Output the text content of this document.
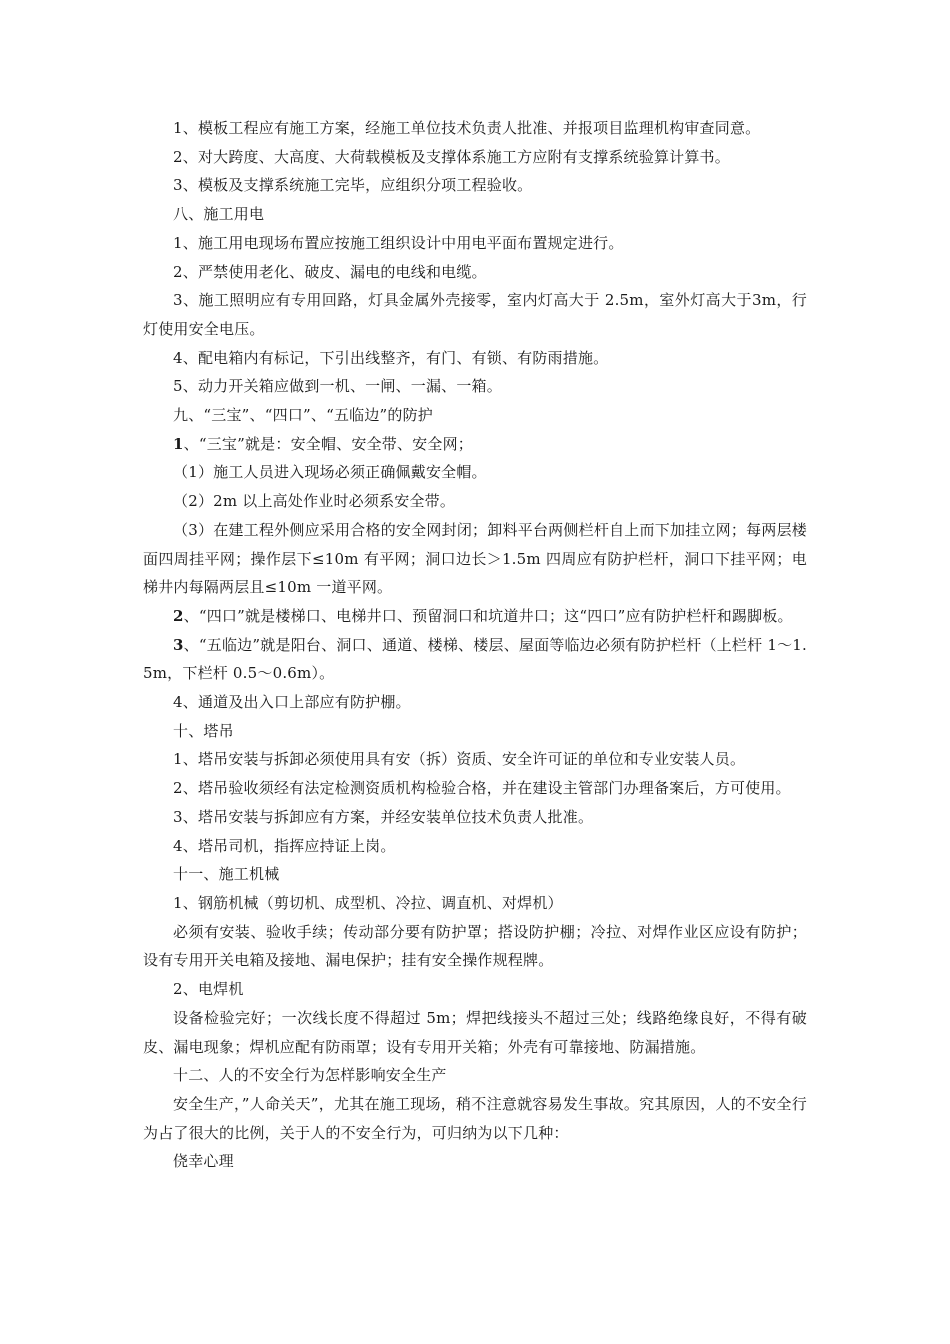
1、模板工程应有施工方案，经施工单位技术负责人批准、并报项目监理机构审查同意。

2、对大跨度、大高度、大荷载模板及支撑体系施工方应附有支撑系统验算计算书。

3、模板及支撑系统施工完毕，应组织分项工程验收。

八、施工用电

1、施工用电现场布置应按施工组织设计中用电平面布置规定进行。

2、严禁使用老化、破皮、漏电的电线和电缆。

3、施工照明应有专用回路，灯具金属外壳接零，室内灯高大于 2.5m，室外灯高大于3m，行灯使用安全电压。

4、配电箱内有标记，下引出线整齐，有门、有锁、有防雨措施。

5、动力开关箱应做到一机、一闸、一漏、一箱。

九、“三宝”、“四口”、“五临边”的防护

1、“三宝”就是：安全帽、安全带、安全网；

（1）施工人员进入现场必须正确佩戴安全帽。

（2）2m 以上高处作业时必须系安全带。

（3）在建工程外侧应采用合格的安全网封闭；卸料平台两侧栏杆自上而下加挂立网；每两层楼面四周挂平网；操作层下≤10m 有平网；洞口边长＞1.5m 四周应有防护栏杆，洞口下挂平网；电梯井内每隔两层且≤10m 一道平网。

2、“四口”就是楼梯口、电梯井口、预留洞口和坑道井口；这“四口”应有防护栏杆和踢脚板。

3、“五临边”就是阳台、洞口、通道、楼梯、楼层、屋面等临边必须有防护栏杆（上栏杆 1～1.5m，下栏杆 0.5～0.6m）。

4、通道及出入口上部应有防护棚。

十、塔吊

1、塔吊安装与拆卸必须使用具有安（拆）资质、安全许可证的单位和专业安装人员。

2、塔吊验收须经有法定检测资质机构检验合格，并在建设主管部门办理备案后，方可使用。

3、塔吊安装与拆卸应有方案，并经安装单位技术负责人批准。

4、塔吊司机，指挥应持证上岗。

十一、施工机械

1、钢筋机械（剪切机、成型机、冷拉、调直机、对焊机）

必须有安装、验收手续；传动部分要有防护罩；搭设防护棚；冷拉、对焊作业区应设有防护；设有专用开关电箱及接地、漏电保护；挂有安全操作规程牌。

2、电焊机

设备检验完好；一次线长度不得超过 5m；焊把线接头不超过三处；线路绝缘良好，不得有破皮、漏电现象；焊机应配有防雨罩；设有专用开关箱；外壳有可靠接地、防漏措施。

十二、人的不安全行为怎样影响安全生产

安全生产，”人命关天”，尤其在施工现场，稍不注意就容易发生事故。究其原因，人的不安全行为占了很大的比例，关于人的不安全行为，可归纳为以下几种：

侥幸心理
